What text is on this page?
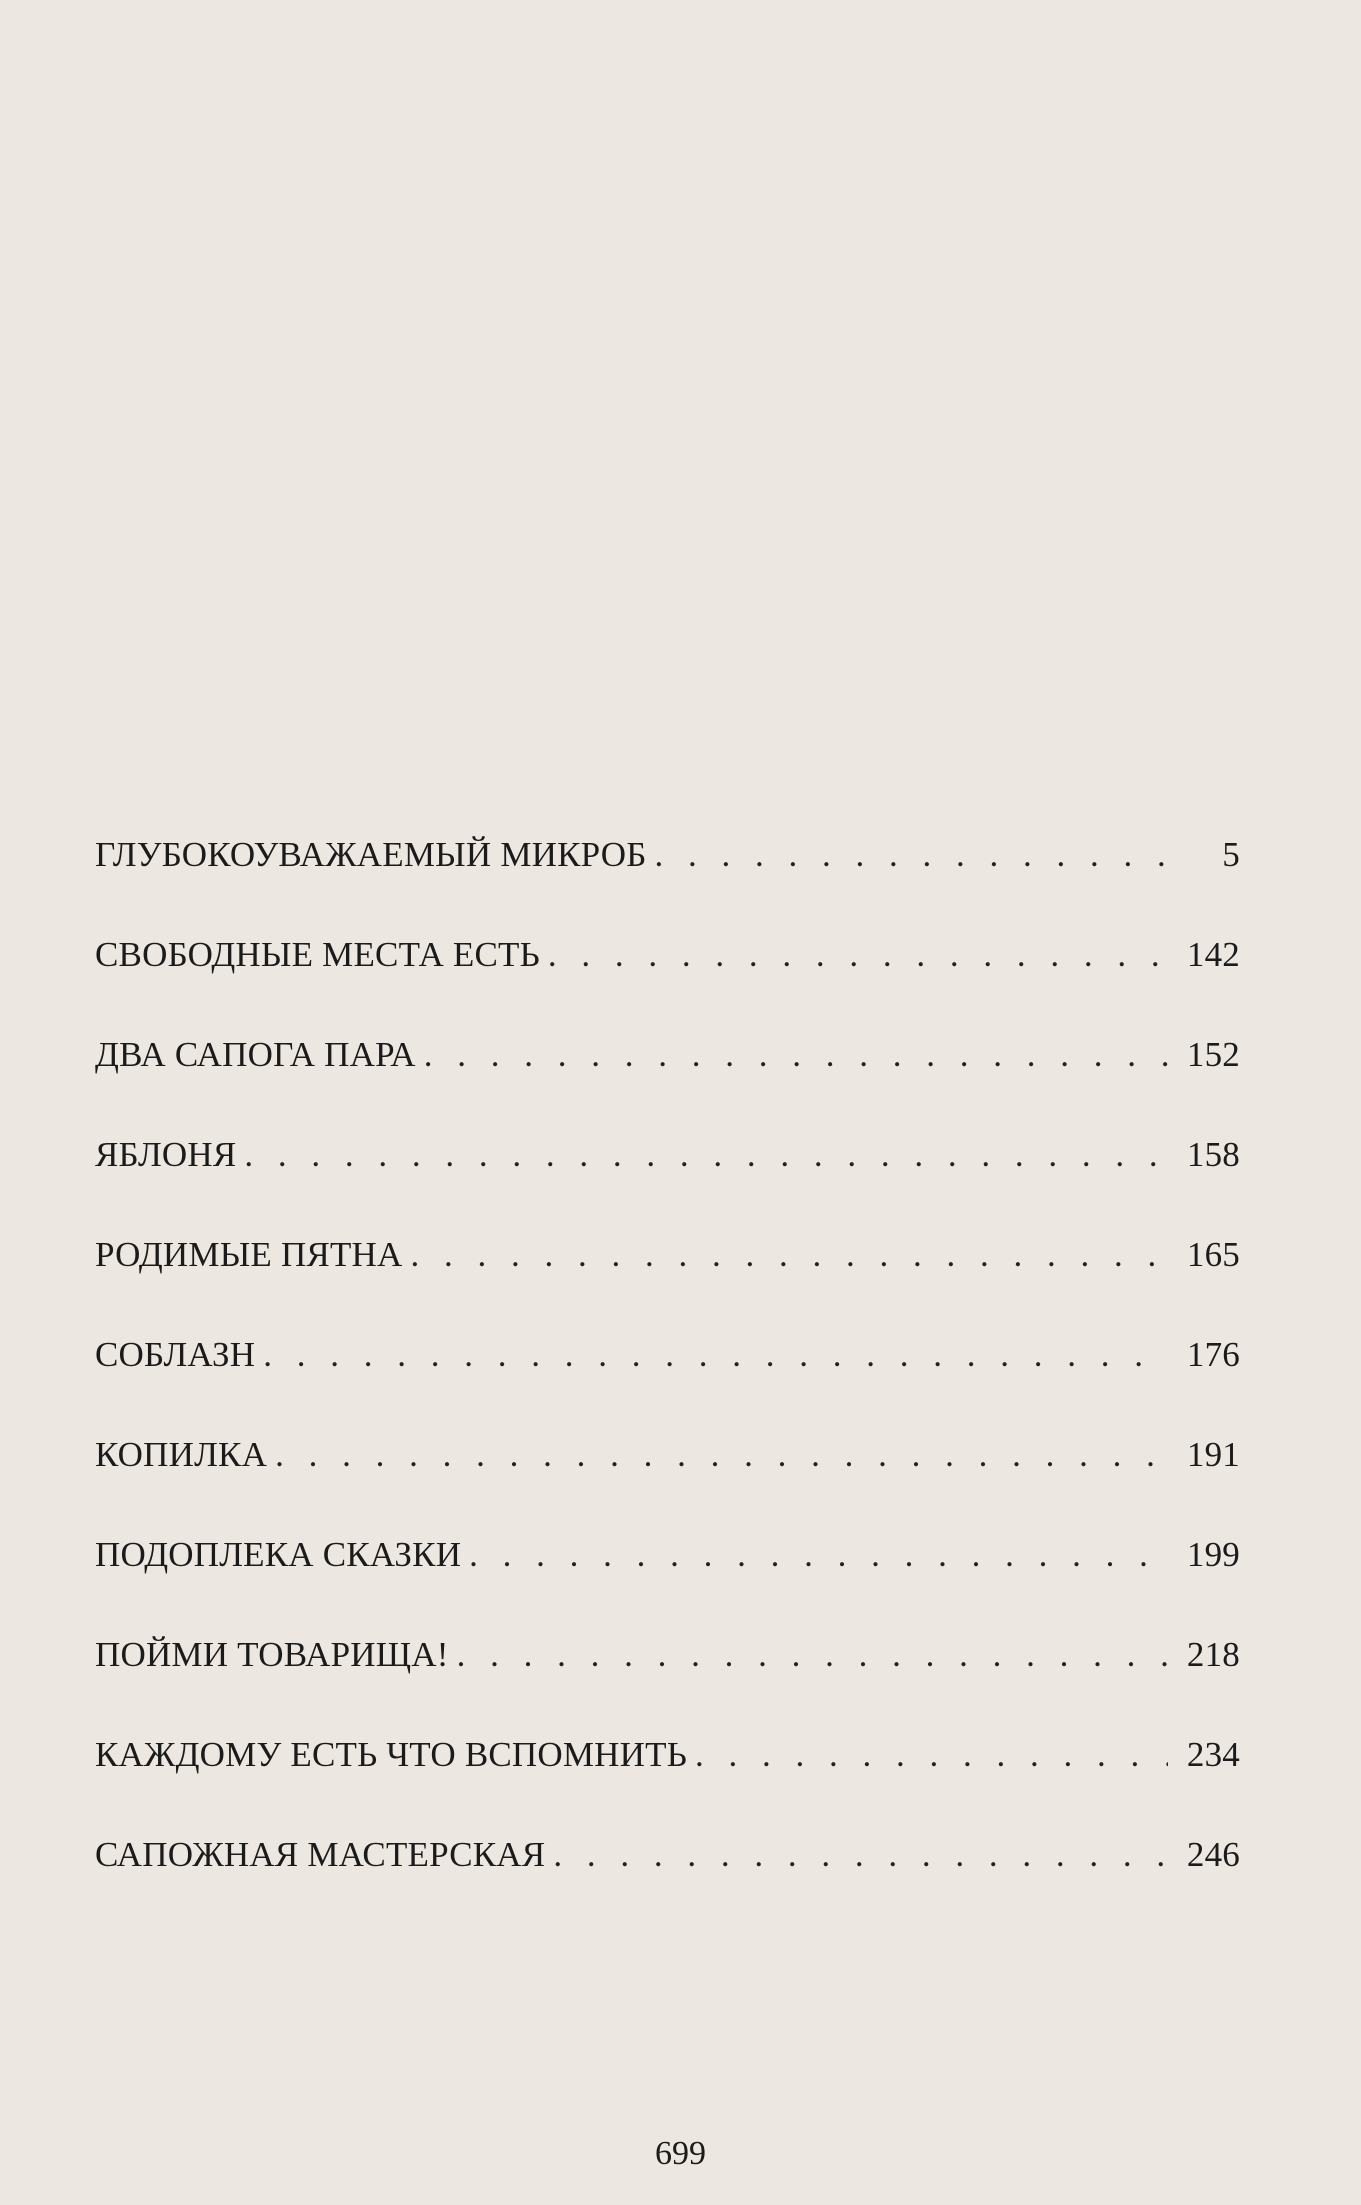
ГЛУБОКОУВАЖАЕМЫЙ МИКРОБ . . .	5
СВОБОДНЫЕ МЕСТА ЕСТЬ . . .	142
ДВА САПОГА ПАРА . . .	152
ЯБЛОНЯ . . .	158
РОДИМЫЕ ПЯТНА . . .	165
СОБЛАЗН . . .	176
КОПИЛКА . . .	191
ПОДОПЛЕКА СКАЗКИ . . .	199
ПОЙМИ ТОВАРИЩА! . . .	218
КАЖДОМУ ЕСТЬ ЧТО ВСПОМНИТЬ . . .	234
САПОЖНАЯ МАСТЕРСКАЯ . . .	246
699
